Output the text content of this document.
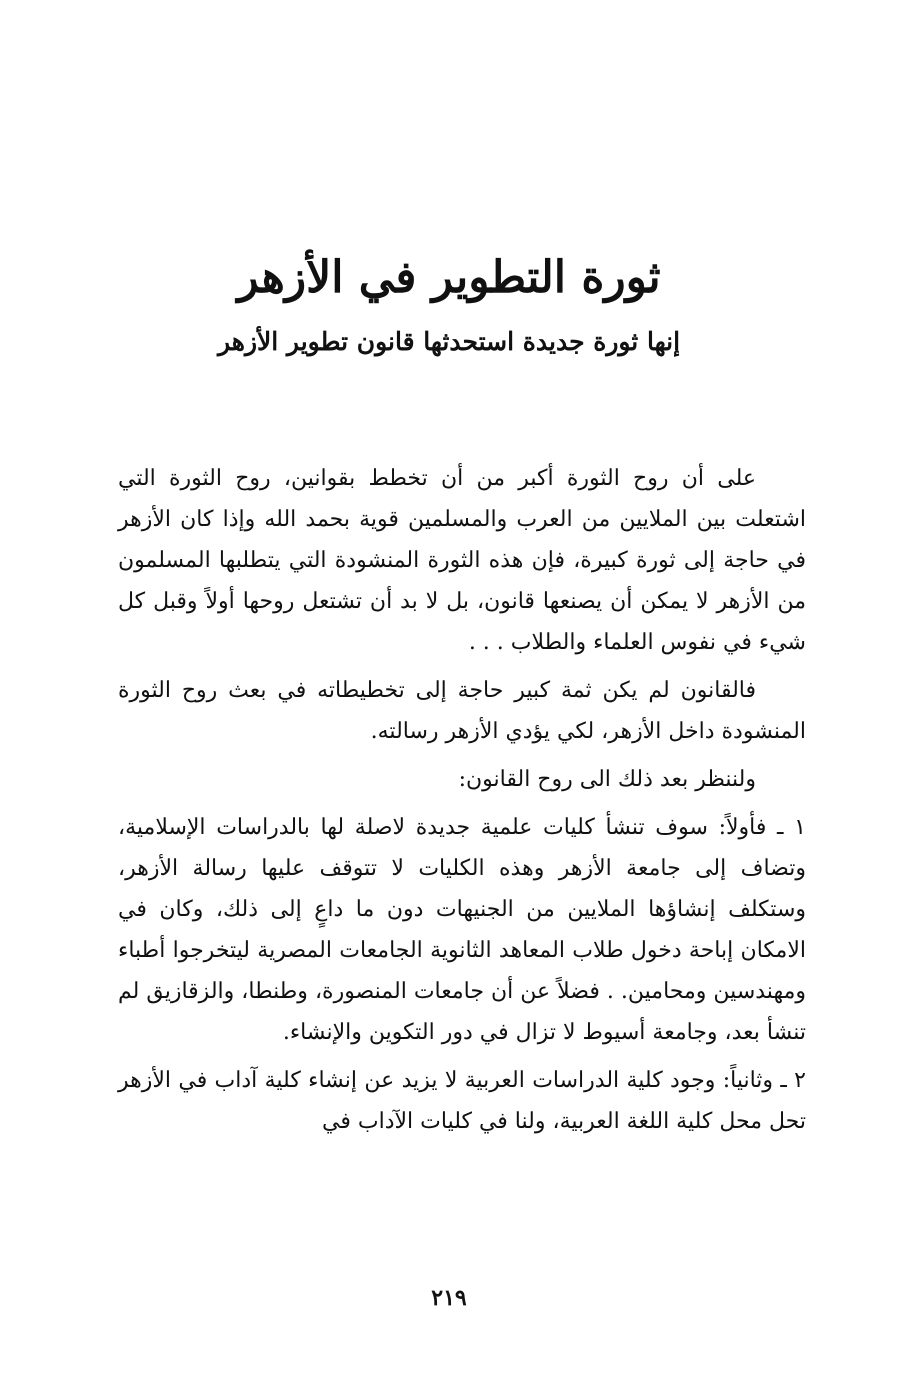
ثورة التطوير في الأزهر
إنها ثورة جديدة استحدثها قانون تطوير الأزهر

على أن روح الثورة أكبر من أن تخطط بقوانين، روح الثورة التي اشتعلت بين الملايين من العرب والمسلمين قوية بحمد الله وإذا كان الأزهر في حاجة إلى ثورة كبيرة، فإن هذه الثورة المنشودة التي يتطلبها المسلمون من الأزهر لا يمكن أن يصنعها قانون، بل لا بد أن تشتعل روحها أولاً وقبل كل شيء في نفوس العلماء والطلاب . . .

فالقانون لم يكن ثمة كبير حاجة إلى تخطيطاته في بعث روح الثورة المنشودة داخل الأزهر، لكي يؤدي الأزهر رسالته.

ولننظر بعد ذلك الى روح القانون:

١ ـ فأولاً: سوف تنشأ كليات علمية جديدة لاصلة لها بالدراسات الإسلامية، وتضاف إلى جامعة الأزهر وهذه الكليات لا تتوقف عليها رسالة الأزهر، وستكلف إنشاؤها الملايين من الجنيهات دون ما داعٍ إلى ذلك، وكان في الامكان إباحة دخول طلاب المعاهد الثانوية الجامعات المصرية ليتخرجوا أطباء ومهندسين ومحامين. . فضلاً عن أن جامعات المنصورة، وطنطا، والزقازيق لم تنشأ بعد، وجامعة أسيوط لا تزال في دور التكوين والإنشاء.

٢ ـ وثانياً: وجود كلية الدراسات العربية لا يزيد عن إنشاء كلية آداب في الأزهر تحل محل كلية اللغة العربية، ولنا في كليات الآداب في

٢١٩
